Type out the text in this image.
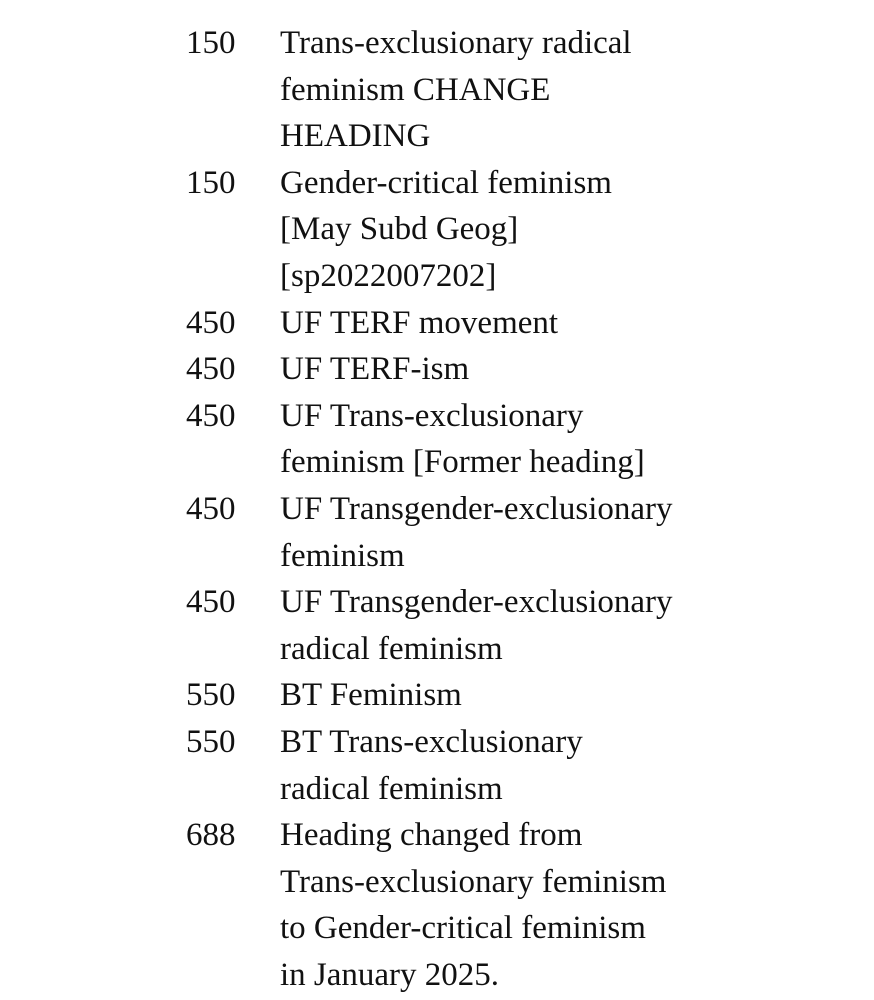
150	Trans-exclusionary radical
feminism CHANGE
HEADING
150	Gender-critical feminism
[May Subd Geog]
[sp2022007202]
450	UF TERF movement
450	UF TERF-ism
450	UF Trans-exclusionary
feminism [Former heading]
450	UF Transgender-exclusionary
feminism
450	UF Transgender-exclusionary
radical feminism
550	BT Feminism
550	BT Trans-exclusionary
radical feminism
688	Heading changed from
Trans-exclusionary feminism
to Gender-critical feminism
in January 2025.
